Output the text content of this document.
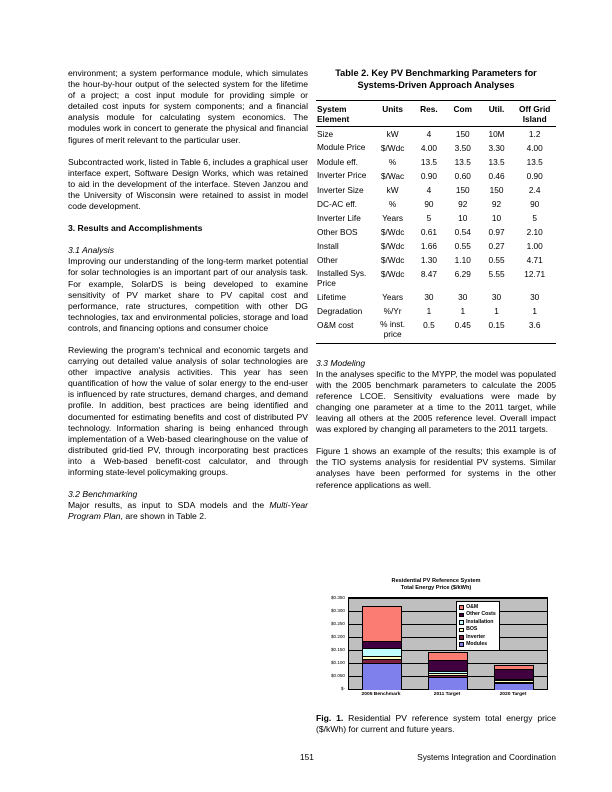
environment; a system performance module, which simulates the hour-by-hour output of the selected system for the lifetime of a project; a cost input module for providing simple or detailed cost inputs for system components; and a financial analysis module for calculating system economics. The modules work in concert to generate the physical and financial figures of merit relevant to the particular user.

Subcontracted work, listed in Table 6, includes a graphical user interface expert, Software Design Works, which was retained to aid in the development of the interface. Steven Janzou and the University of Wisconsin were retained to assist in model code development.

3. Results and Accomplishments

3.1 Analysis

Improving our understanding of the long-term market potential for solar technologies is an important part of our analysis task. For example, SolarDS is being developed to examine sensitivity of PV market share to PV capital cost and performance, rate structures, competition with other DG technologies, tax and environmental policies, storage and load controls, and financing options and consumer choice

Reviewing the program's technical and economic targets and carrying out detailed value analysis of solar technologies are other impactive analysis activities. This year has seen quantification of how the value of solar energy to the end-user is influenced by rate structures, demand charges, and demand profile. In addition, best practices are being identified and documented for estimating benefits and cost of distributed PV technology. Information sharing is being enhanced through implementation of a Web-based clearinghouse on the value of distributed grid-tied PV, through incorporating best practices into a Web-based benefit-cost calculator, and through informing state-level policymaking groups.

3.2 Benchmarking

Major results, as input to SDA models and the Multi-Year Program Plan, are shown in Table 2.

Table 2. Key PV Benchmarking Parameters for
Systems-Driven Approach Analyses
System
Element
	Units	Res.	Com	Util.	Off Grid
Island

Size	kW	4	150	10M	1.2
Module Price	$/Wdc	4.00	3.50	3.30	4.00
Module eff.	%	13.5	13.5	13.5	13.5
Inverter Price	$/Wac	0.90	0.60	0.46	0.90
Inverter Size	kW	4	150	150	2.4
DC-AC eff.	%	90	92	92	90
Inverter Life	Years	5	10	10	5
Other BOS	$/Wdc	0.61	0.54	0.97	2.10
Install	$/Wdc	1.66	0.55	0.27	1.00
Other	$/Wdc	1.30	1.10	0.55	4.71
Installed Sys. Price	$/Wdc	8.47	6.29	5.55	12.71
Lifetime	Years	30	30	30	30
Degradation	%/Yr	1	1	1	1
O&M cost	% inst. price	0.5	0.45	0.15	3.6

3.3 Modeling

In the analyses specific to the MYPP, the model was populated with the 2005 benchmark parameters to calculate the 2005 reference LCOE. Sensitivity evaluations were made by changing one parameter at a time to the 2011 target, while leaving all others at the 2005 reference level. Overall impact was explored by changing all parameters to the 2011 targets.

Figure 1 shows an example of the results; this example is of the TIO systems analysis for residential PV systems. Similar analyses have been performed for systems in the other reference applications as well.

Residential PV Reference System
Total Energy Price ($/kWh)
$0.350
$0.300
$0.250
$0.200
$0.150
$0.100
$0.050
$-
2005 Benchmark	2011 Target	2020 Target
O&M
Other Costs
Installation
BOS
Inverter
Modules
Fig. 1. Residential PV reference system total energy price ($/kWh) for current and future years.
151	Systems Integration and Coordination
